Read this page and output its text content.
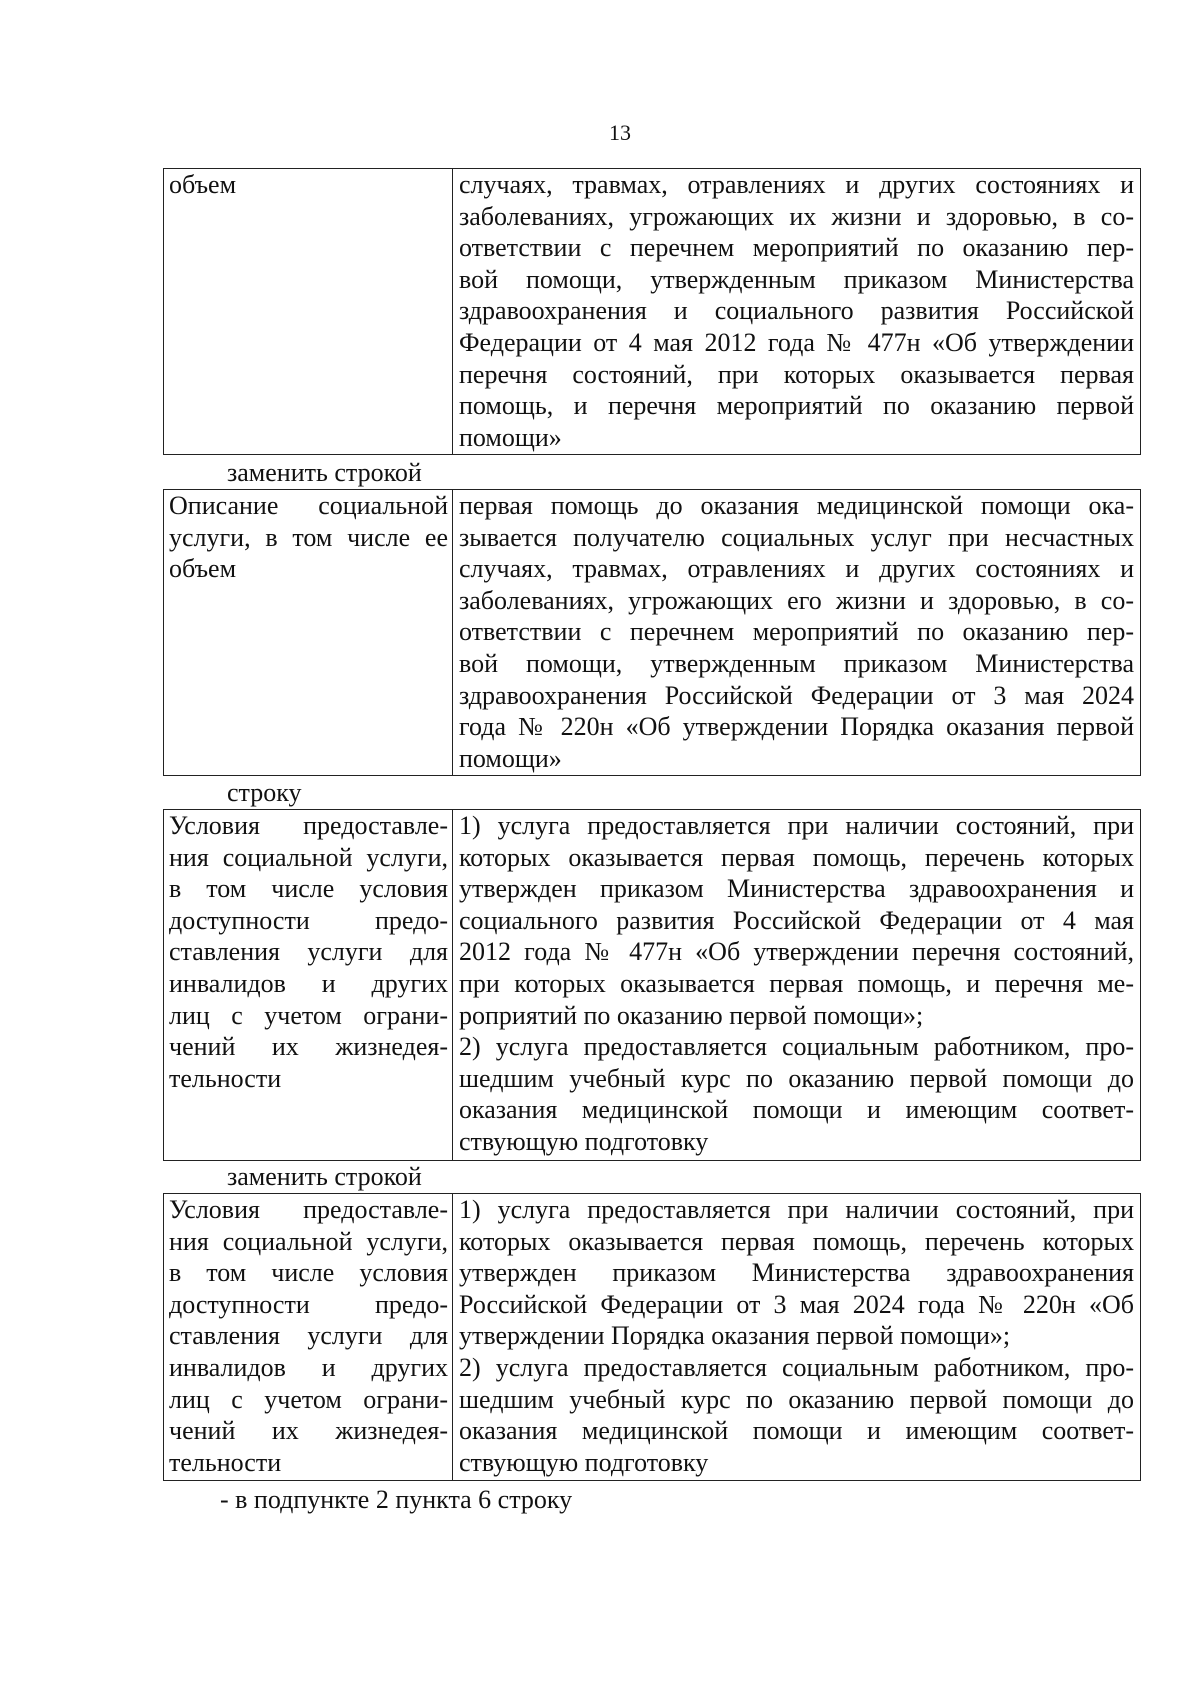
13
объем	случаях, травмах, отравлениях и других состояниях и
заболеваниях, угрожающих их жизни и здоровью, в со-
ответствии с перечнем мероприятий по оказанию пер-
вой помощи, утвержденным приказом Министерства
здравоохранения и социального развития Российской
Федерации от 4 мая 2012 года № 477н «Об утверждении
перечня состояний, при которых оказывается первая
помощь, и перечня мероприятий по оказанию первой
помощи»
заменить строкой
Описание социальной
услуги, в том числе ее
объем
первая помощь до оказания медицинской помощи ока-
зывается получателю социальных услуг при несчастных
случаях, травмах, отравлениях и других состояниях и
заболеваниях, угрожающих его жизни и здоровью, в со-
ответствии с перечнем мероприятий по оказанию пер-
вой помощи, утвержденным приказом Министерства
здравоохранения Российской Федерации от 3 мая 2024
года № 220н «Об утверждении Порядка оказания первой
помощи»
строку
Условия предоставле-
ния социальной услуги,
в том числе условия
доступности предо-
ставления услуги для
инвалидов и других
лиц с учетом ограни-
чений их жизнедея-
тельности
1) услуга предоставляется при наличии состояний, при
которых оказывается первая помощь, перечень которых
утвержден приказом Министерства здравоохранения и
социального развития Российской Федерации от 4 мая
2012 года № 477н «Об утверждении перечня состояний,
при которых оказывается первая помощь, и перечня ме-
роприятий по оказанию первой помощи»;
2) услуга предоставляется социальным работником, про-
шедшим учебный курс по оказанию первой помощи до
оказания медицинской помощи и имеющим соответ-
ствующую подготовку
заменить строкой
Условия предоставле-
ния социальной услуги,
в том числе условия
доступности предо-
ставления услуги для
инвалидов и других
лиц с учетом ограни-
чений их жизнедея-
тельности
1) услуга предоставляется при наличии состояний, при
которых оказывается первая помощь, перечень которых
утвержден приказом Министерства здравоохранения
Российской Федерации от 3 мая 2024 года № 220н «Об
утверждении Порядка оказания первой помощи»;
2) услуга предоставляется социальным работником, про-
шедшим учебный курс по оказанию первой помощи до
оказания медицинской помощи и имеющим соответ-
ствующую подготовку
- в подпункте 2 пункта 6 строку
